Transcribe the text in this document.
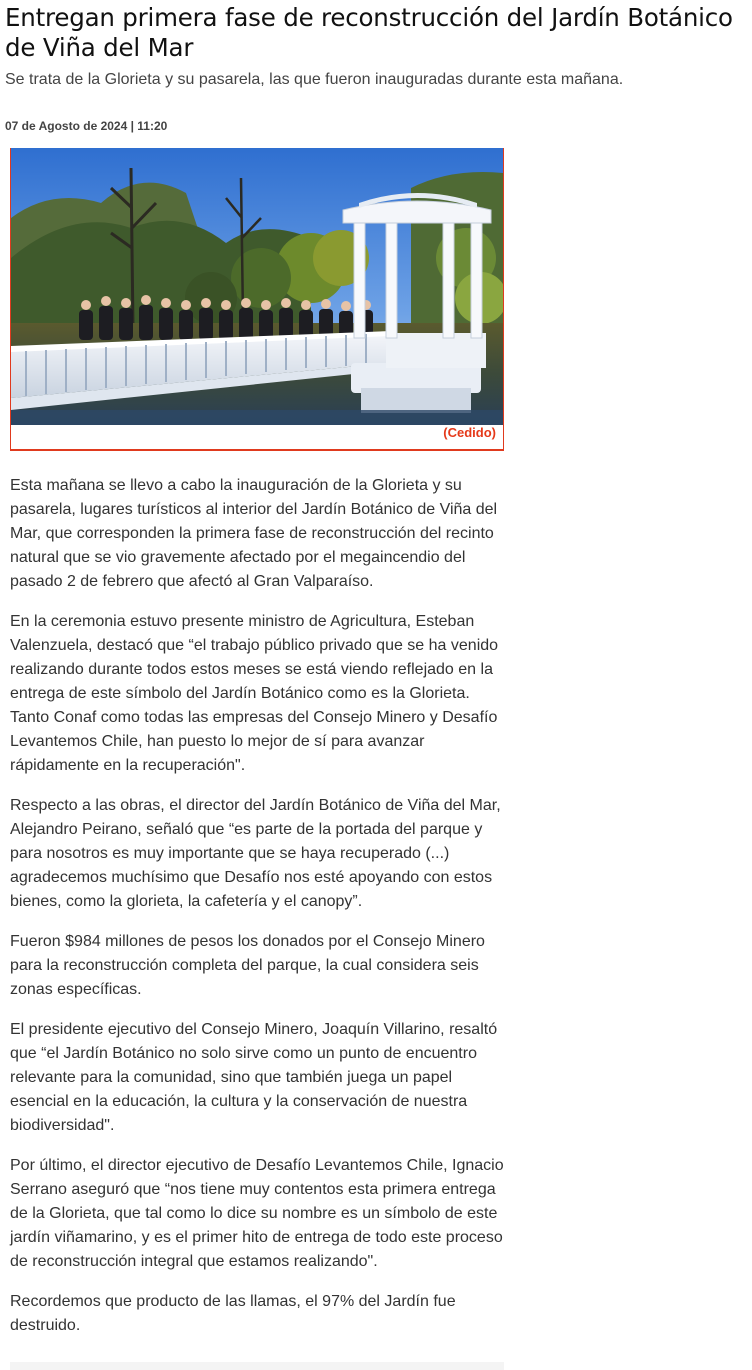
Entregan primera fase de reconstrucción del Jardín Botánico de Viña del Mar

Se trata de la Glorieta y su pasarela, las que fueron inauguradas durante esta mañana.

07 de Agosto de 2024 | 11:20

(Cedido)

Esta mañana se llevo a cabo la inauguración de la Glorieta y su pasarela, lugares turísticos al interior del Jardín Botánico de Viña del Mar, que corresponden la primera fase de reconstrucción del recinto natural que se vio gravemente afectado por el megaincendio del pasado 2 de febrero que afectó al Gran Valparaíso.

En la ceremonia estuvo presente ministro de Agricultura, Esteban Valenzuela, destacó que “el trabajo público privado que se ha venido realizando durante todos estos meses se está viendo reflejado en la entrega de este símbolo del Jardín Botánico como es la Glorieta. Tanto Conaf como todas las empresas del Consejo Minero y Desafío Levantemos Chile, han puesto lo mejor de sí para avanzar rápidamente en la recuperación".

Respecto a las obras, el director del Jardín Botánico de Viña del Mar, Alejandro Peirano, señaló que “es parte de la portada del parque y para nosotros es muy importante que se haya recuperado (...) agradecemos muchísimo que Desafío nos esté apoyando con estos bienes, como la glorieta, la cafetería y el canopy”.

Fueron $984 millones de pesos los donados por el Consejo Minero para la reconstrucción completa del parque, la cual considera seis zonas específicas.

El presidente ejecutivo del Consejo Minero, Joaquín Villarino, resaltó que “el Jardín Botánico no solo sirve como un punto de encuentro relevante para la comunidad, sino que también juega un papel esencial en la educación, la cultura y la conservación de nuestra biodiversidad".

Por último, el director ejecutivo de Desafío Levantemos Chile, Ignacio Serrano aseguró que “nos tiene muy contentos esta primera entrega de la Glorieta, que tal como lo dice su nombre es un símbolo de este jardín viñamarino, y es el primer hito de entrega de todo este proceso de reconstrucción integral que estamos realizando".

Recordemos que producto de las llamas, el 97% del Jardín fue destruido.
